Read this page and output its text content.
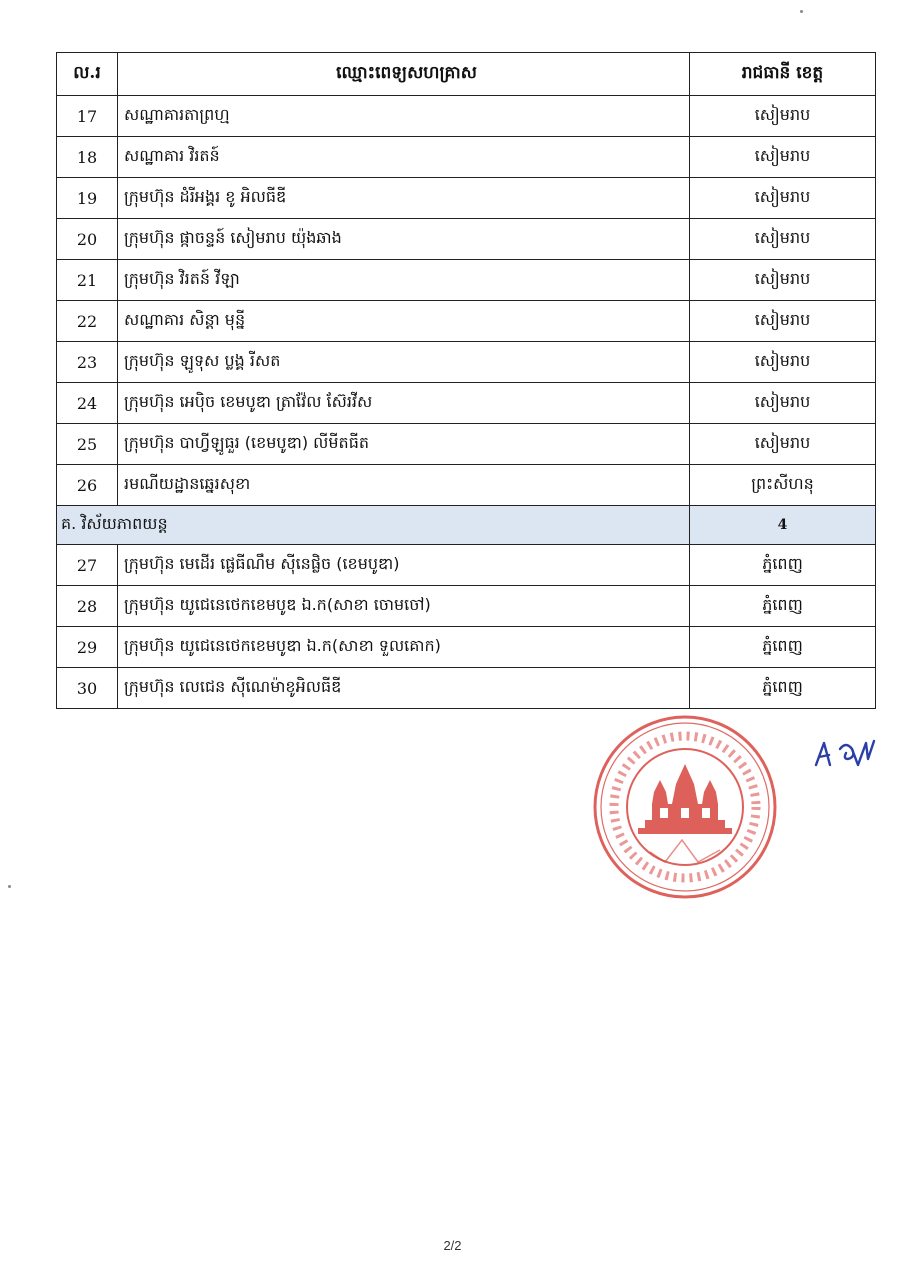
ល.រ	ឈ្មោះពេទ្យសហគ្រាស	រាជធានី ខេត្ត
17	សណ្ឋាគារតាព្រហ្ម	សៀមរាប
18	សណ្ឋាគារ វិរតន៍	សៀមរាប
19	ក្រុមហ៊ុន ដំរីអង្គរ ខូ អិលធីឌី	សៀមរាប
20	ក្រុមហ៊ុន ផ្កាចន្ទន៍ សៀមរាប យ៉ុងឆាង	សៀមរាប
21	ក្រុមហ៊ុន វិរតន៍ វីឡា	សៀមរាប
22	សណ្ឋាគារ សិន្តា មុន្នី	សៀមរាប
23	ក្រុមហ៊ុន ឡូទុស ប្លង្គ រីសត	សៀមរាប
24	ក្រុមហ៊ុន អេប៉ិច ខេមបូឌា ត្រាវ៉ែល ស៊ែរវីស	សៀមរាប
25	ក្រុមហ៊ុន បាហ្វីឡូធួរ (ខេមបូឌា) លីមីតធីត	សៀមរាប
26	រមណីយដ្ឋានឆ្នេរសុខា	ព្រះសីហនុ
គ. វិស័យភាពយន្ត		4
27	ក្រុមហ៊ុន មេដើរ ផ្លេធីណឹម ស៊ីនេផ្លិច (ខេមបូឌា)	ភ្នំពេញ
28	ក្រុមហ៊ុន យូជេនេថេកខេមបូឌ ឯ.ក(សាខា ចោមចៅ)	ភ្នំពេញ
29	ក្រុមហ៊ុន យូជេនេថេកខេមបូឌា ឯ.ក(សាខា ទួលគោក)	ភ្នំពេញ
30	ក្រុមហ៊ុន លេជេន ស៊ីណេម៉ាខូអិលធីឌី	ភ្នំពេញ
2/2
